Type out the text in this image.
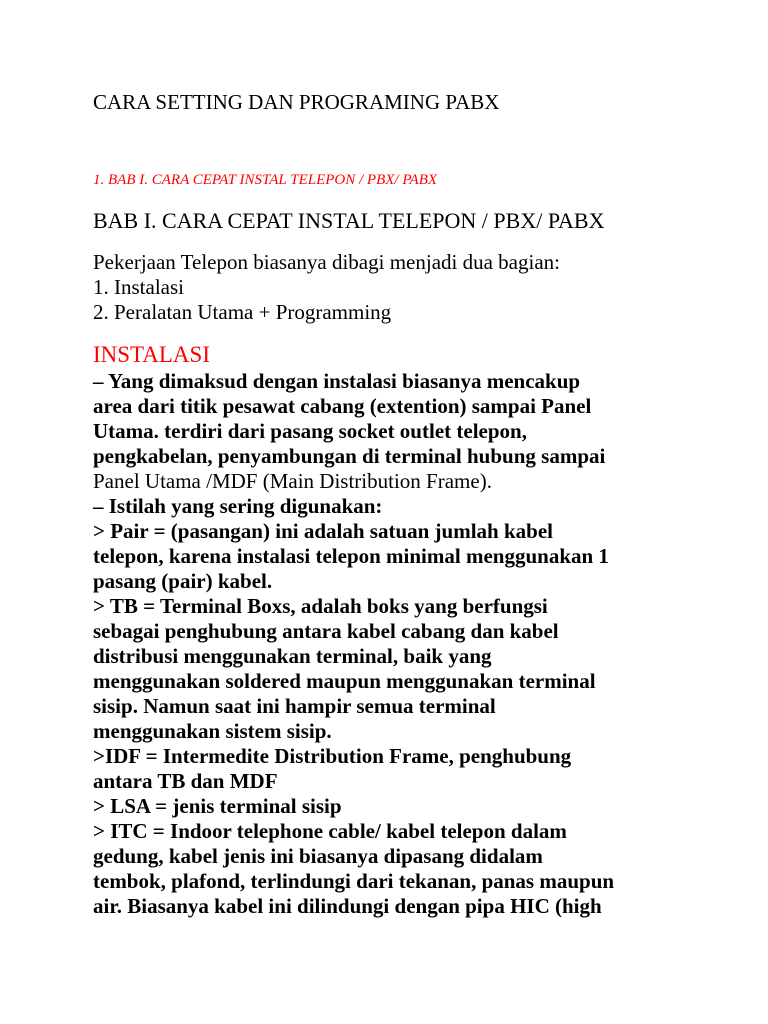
CARA SETTING DAN PROGRAMING PABX
1. BAB I. CARA CEPAT INSTAL TELEPON / PBX/ PABX
BAB I. CARA CEPAT INSTAL TELEPON / PBX/ PABX
Pekerjaan Telepon biasanya dibagi menjadi dua bagian:
1. Instalasi
2. Peralatan Utama + Programming
INSTALASI
– Yang dimaksud dengan instalasi biasanya mencakup
area dari titik pesawat cabang (extention) sampai Panel
Utama. terdiri dari pasang socket outlet telepon,
pengkabelan, penyambungan di terminal hubung sampai
Panel Utama /MDF (Main Distribution Frame).
– Istilah yang sering digunakan:
> Pair = (pasangan) ini adalah satuan jumlah kabel
telepon, karena instalasi telepon minimal menggunakan 1
pasang (pair) kabel.
> TB = Terminal Boxs, adalah boks yang berfungsi
sebagai penghubung antara kabel cabang dan kabel
distribusi menggunakan terminal, baik yang
menggunakan soldered maupun menggunakan terminal
sisip. Namun saat ini hampir semua terminal
menggunakan sistem sisip.
>IDF = Intermedite Distribution Frame, penghubung
antara TB dan MDF
> LSA = jenis terminal sisip
> ITC = Indoor telephone cable/ kabel telepon dalam
gedung, kabel jenis ini biasanya dipasang didalam
tembok, plafond, terlindungi dari tekanan, panas maupun
air. Biasanya kabel ini dilindungi dengan pipa HIC (high
